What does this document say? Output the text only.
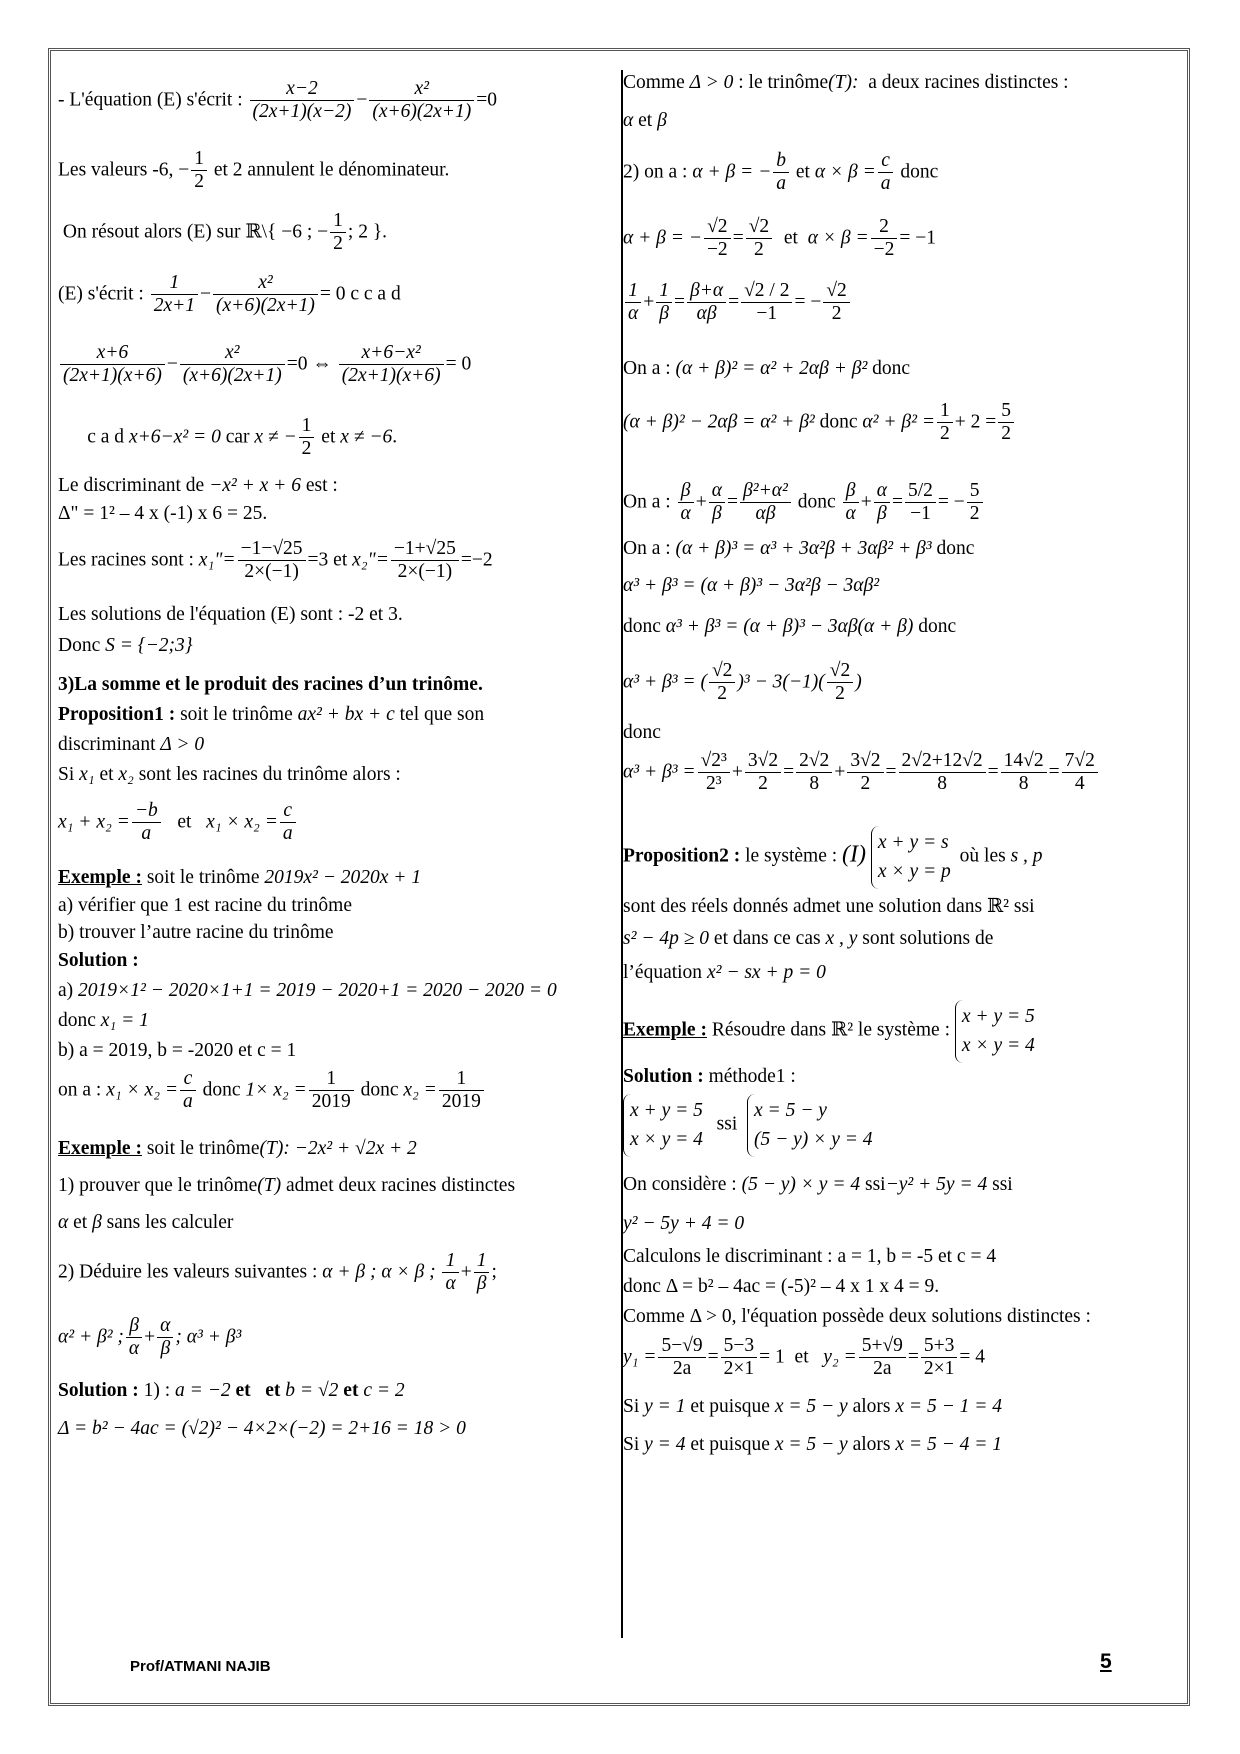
- L'équation (E) s'écrit : $\frac{x-2}{(2x+1)(x-2)} - \frac{\text{x²}}{(x+6)(2x+1)} =0$
Les valeurs -6, − $\frac{1}{2}$ et 2 annulent le dénominateur.
On résout alors (E) sur ℝ\{ −6 ; − $\frac{1}{2}$ ; 2 }.
(E) s'écrit : $\frac{1}{2x+1} - \frac{\text{x²}}{(x+6)(2x+1)} = 0$ c c a d
$\frac{x+6}{(2x+1)(x+6)} - \frac{\text{x²}}{(x+6)(2x+1)} =0$ ⇔ $\frac{\text{x+6−x²}}{(2x+1)(x+6)} = 0$
c a d x+6−x² = 0 car x ≠ − $\frac{1}{2}$ et x ≠ −6.
Le discriminant de −x² + x + 6 est :
Δ" = 1² – 4 x (-1) x 6 = 25.
Les racines sont : x₁"= $\frac{-1-√25}{2\times(-1)} =3$ et x₂"= $\frac{-1+√25}{2\times(-1)} =-2$
Les solutions de l'équation (E) sont : -2 et 3.
Donc S = {−2;3}
3)La somme et le produit des racines d’un trinôme.
Proposition1 : soit le trinôme ax² + bx + c tel que son
discriminant Δ > 0
Si x₁ et x₂ sont les racines du trinôme alors :
$x_1 + x_2 = \frac{-b}{a}$ et $x_1 \times x_2 = \frac{c}{a}$
Exemple : soit le trinôme 2019x² − 2020x + 1
a) vérifier que 1 est racine du trinôme
b) trouver l’autre racine du trinôme
Solution :
a) 2019×1² − 2020×1+1 = 2019 − 2020+1 = 2020 − 2020 = 0
donc x₁ = 1
b) a = 2019, b = -2020 et c = 1
on a : $x_1 \times x_2 = \frac{c}{a}$ donc $1\times x_2 = \frac{1}{2019}$ donc $x_2 = \frac{1}{2019}$
Exemple : soit le trinôme(T): −2x² + √2x + 2
1) prouver que le trinôme(T) admet deux racines distinctes
α et β sans les calculer
2) Déduire les valeurs suivantes : α + β ; α × β ; $\frac{1}{\alpha} + \frac{1}{\beta}$ ;
α² + β² ; $\frac{\beta}{\alpha} + \frac{\alpha}{\beta}$ ; α³ + β³
Solution : 1) : a = −2 et et b = √2 et c = 2
Δ = b² − 4ac = (√2)² − 4×2×(−2) = 2+16 = 18 > 0
Comme Δ > 0 : le trinôme(T): a deux racines distinctes :
α et β
2) on a : α + β = − $\frac{b}{a}$ et $\alpha \times \beta = \frac{c}{a}$ donc
α + β = − $\frac{√2}{-2} = \frac{√2}{2}$ et $\alpha \times \beta = \frac{2}{-2} = -1$
$\frac{1}{\alpha} + \frac{1}{\beta} = \frac{\beta+\alpha}{\alpha\beta} = \frac{√2 / 2}{-1}$ = − $\frac{√2}{2}$
On a : (α + β)² = α² + 2αβ + β² donc
(α + β)² − 2αβ = α² + β² donc $\alpha^2 + \beta^2 = \frac{1}{2} + 2 = \frac{5}{2}$
On a : $\frac{\beta}{\alpha} + \frac{\alpha}{\beta} = \frac{\text{β²+α²}}{\alpha\beta}$ donc $\frac{\beta}{\alpha} + \frac{\alpha}{\beta} = \frac{5/2}{-1}$ = − $\frac{5}{2}$
On a : (α + β)³ = α³ + 3α²β + 3αβ² + β³ donc
α³ + β³ = (α + β)³ − 3α²β − 3αβ²
donc α³ + β³ = (α + β)³ − 3αβ(α + β) donc
α³ + β³ = ( $\frac{√2}{2} )^3 - 3(-1)( \frac{√2}{2}$ )
donc
$\alpha^3 + \beta^3 = \frac{\text{√2³}}{\text{2³}} + \frac{3√2}{2} = \frac{2√2}{8} + \frac{3√2}{2} = \frac{2√2+12√2}{8} = \frac{14√2}{8} = \frac{7√2}{4}$
Proposition2 : le système : (I) x + y = s
x × y = p
où les s , p
sont des réels donnés admet une solution dans ℝ² ssi
s² − 4p ≥ 0 et dans ce cas x , y sont solutions de
l’équation x² − sx + p = 0
Exemple : Résoudre dans ℝ² le système :
x + y = 5
x × y = 4
Solution : méthode1 :
x + y = 5
x × y = 4
ssi
x = 5 − y
(5 − y) × y = 4
On considère : (5 − y) × y = 4 ssi−y² + 5y = 4 ssi
y² − 5y + 4 = 0
Calculons le discriminant : a = 1, b = -5 et c = 4
donc Δ = b² – 4ac = (-5)² – 4 x 1 x 4 = 9.
Comme Δ > 0, l'équation possède deux solutions distinctes :
$y_1 = \frac{5-√9}{2a} = \frac{5-3}{2\times 1} = 1$  et $y_2 = \frac{5+√9}{2a} = \frac{5+3}{2\times 1} = 4$
Si y = 1 et puisque x = 5 − y alors x = 5 − 1 = 4
Si y = 4 et puisque x = 5 − y alors x = 5 − 4 = 1
Prof/ATMANI NAJIB	5
